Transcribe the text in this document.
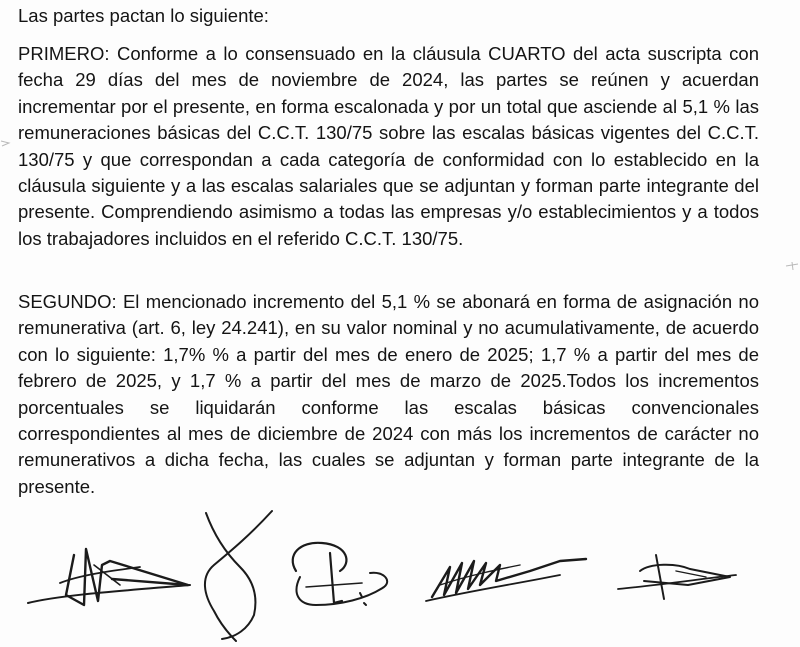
Las partes pactan lo siguiente:
PRIMERO: Conforme a lo consensuado en la cláusula CUARTO del acta suscripta con fecha 29 días del mes de noviembre de 2024, las partes se reúnen y acuerdan incrementar por el presente, en forma escalonada y por un total que asciende al 5,1 % las remuneraciones básicas del C.C.T. 130/75 sobre las escalas básicas vigentes del C.C.T. 130/75 y que correspondan a cada categoría de conformidad con lo establecido en la cláusula siguiente y a las escalas salariales que se adjuntan y forman parte integrante del presente. Comprendiendo asimismo a todas las empresas y/o establecimientos y a todos los trabajadores incluidos en el referido C.C.T. 130/75.
SEGUNDO: El mencionado incremento del 5,1 % se abonará en forma de asignación no remunerativa (art. 6, ley 24.241), en su valor nominal y no acumulativamente, de acuerdo con lo siguiente: 1,7% % a partir del mes de enero de 2025; 1,7 % a partir del mes de febrero de 2025, y 1,7 % a partir del mes de marzo de 2025.Todos los incrementos porcentuales se liquidarán conforme las escalas básicas convencionales correspondientes al mes de diciembre de 2024 con más los incrementos de carácter no remunerativos a dicha fecha, las cuales se adjuntan y forman parte integrante de la presente.
